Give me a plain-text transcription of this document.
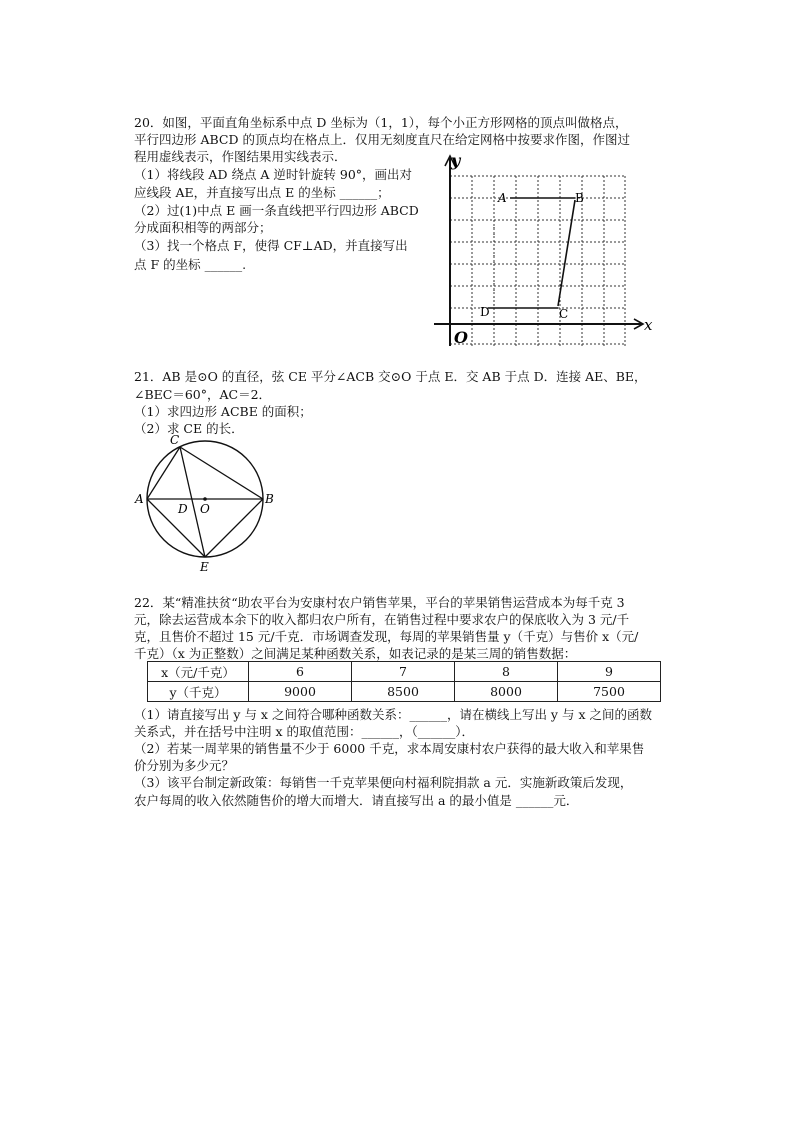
20．如图，平面直角坐标系中点 D 坐标为（1，1），每个小正方形网格的顶点叫做格点，
平行四边形 ABCD 的顶点均在格点上．仅用无刻度直尺在给定网格中按要求作图，作图过
程用虚线表示，作图结果用实线表示．
（1）将线段 AD 绕点 A 逆时针旋转 90°，画出对
应线段 AE，并直接写出点 E 的坐标 ______；
（2）过(1)中点 E 画一条直线把平行四边形 ABCD
分成面积相等的两部分；
（3）找一个格点 F，使得 CF⊥AD，并直接写出
点 F 的坐标 ______.
y
x
O
A	B
C
D
21．AB 是⊙O 的直径，弦 CE 平分∠ACB 交⊙O 于点 E．交 AB 于点 D．连接 AE、BE，
∠BEC＝60°，AC＝2．
（1）求四边形 ACBE 的面积；
（2）求 CE 的长．
C
A	B
D O
E
22．某“精准扶贫“助农平台为安康村农户销售苹果，平台的苹果销售运营成本为每千克 3
元，除去运营成本余下的收入都归农户所有，在销售过程中要求农户的保底收入为 3 元/千
克，且售价不超过 15 元/千克．市场调查发现，每周的苹果销售量 y（千克）与售价 x（元/
千克）（x 为正整数）之间满足某种函数关系，如表记录的是某三周的销售数据：
x（元/千克）	6	7	8	9
y（千克）	9000	8500	8000	7500
（1）请直接写出 y 与 x 之间符合哪种函数关系：______，请在横线上写出 y 与 x 之间的函数
关系式，并在括号中注明 x 的取值范围：______，（______）．
（2）若某一周苹果的销售量不少于 6000 千克，求本周安康村农户获得的最大收入和苹果售
价分别为多少元？
（3）该平台制定新政策：每销售一千克苹果便向村福利院捐款 a 元．实施新政策后发现，
农户每周的收入依然随售价的增大而增大．请直接写出 a 的最小值是 ______元．
